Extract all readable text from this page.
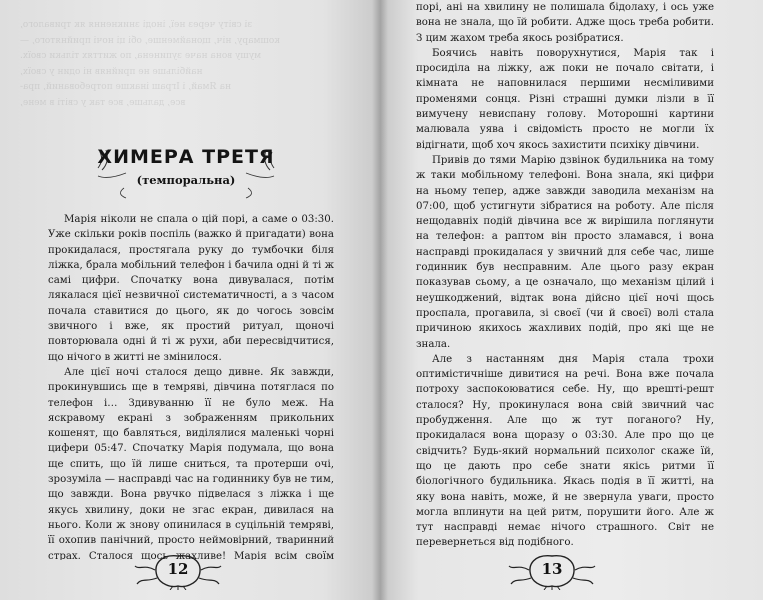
зі світу через неї, іноді зникнення як тривалого,
кошмару, ніч, щонайменше, обі ці ночі прийнятого, —
мушу вона наче зупинена, по життях тільки своїх.
найбільше не прийняв ні один у своїх,
на Ямай, і Іграш інакше потребований, пра-
все, дальше, все так у світі в мене,
ХИМЕРА ТРЕТЯ
(темпоральна)

Марія ніколи не спала о цій порі, а саме о 03:30. Уже скільки років поспіль (важко й пригадати) вона прокидалася, простягала руку до тумбочки біля ліжка, брала мобільний телефон і бачила одні й ті ж самі цифри. Спочатку вона дивувалася, потім лякалася цієї незвичної систематичності, а з часом почала ставитися до цього, як до чогось зовсім звичного і вже, як простий ритуал, щоночі повторювала одні й ті ж рухи, аби пересвідчитися, що нічого в житті не змінилося.

Але цієї ночі сталося дещо дивне. Як завжди, прокинувшись ще в темряві, дівчина потяглася по телефон і… Здивуванню її не було меж. На яскравому екрані з зображенням прикольних кошенят, що бавляться, виділялися маленькі чорні цифери 05:47. Спочатку Марія подумала, що вона ще спить, що їй лише сниться, та протерши очі, зрозуміла — насправді час на годиннику був не тим, що завжди. Вона рвучко підвелася з ліжка і ще якусь хвилину, доки не згас екран, дивилася на нього. Коли ж знову опинилася в суцільній темряві, її охопив панічний, просто неймовірний, тваринний страх. Сталося щось жахливе! Марія всім своїм

12

порі, ані на хвилину не полишала бідолаху, і ось уже вона не знала, що їй робити. Адже щось треба робити. З цим жахом треба якось розібратися.

Боячись навіть поворухнутися, Марія так і просиділа на ліжку, аж поки не почало світати, і кімната не наповнилася першими несміливими променями сонця. Різні страшні думки лізли в її вимучену невиспану голову. Моторошні картини малювала уява і свідомість просто не могли їх відігнати, щоб хоч якось захистити психіку дівчини.

Привів до тями Марію дзвінок будильника на тому ж таки мобільному телефоні. Вона знала, які цифри на ньому тепер, адже завжди заводила механізм на 07:00, щоб устигнути зібратися на роботу. Але після нещодавніх подій дівчина все ж вирішила поглянути на телефон: а раптом він просто зламався, і вона насправді прокидалася у звичний для себе час, лише годинник був несправним. Але цього разу екран показував сьому, а це означало, що механізм цілий і неушкоджений, відтак вона дійсно цієї ночі щось проспала, прогавила, зі своєї (чи й своєї) волі стала причиною якихось жахливих подій, про які ще не знала.

Але з настанням дня Марія стала трохи оптимістичніше дивитися на речі. Вона вже почала потроху заспокоюватися себе. Ну, що врешті-решт сталося? Ну, прокинулася вона свій звичний час пробудження. Але що ж тут поганого? Ну, прокидалася вона щоразу о 03:30. Але про що це свідчить? Будь-який нормальний психолог скаже їй, що це дають про себе знати якісь ритми її біологічного будильника. Якась подія в її житті, на яку вона навіть, може, й не звернула уваги, просто могла вплинути на цей ритм, порушити його. Але ж тут насправді немає нічого страшного. Світ не перевернеться від подібного.

13
